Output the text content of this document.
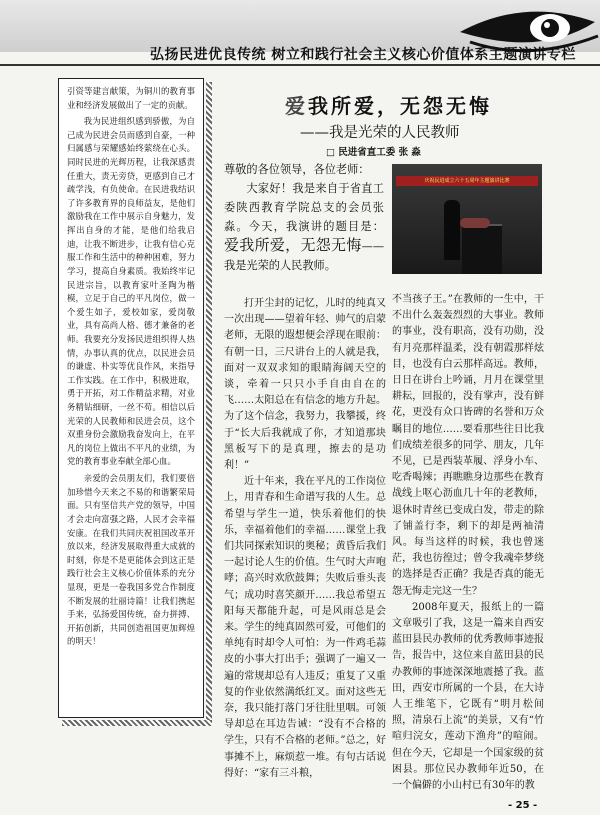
弘扬民进优良传统 树立和践行社会主义核心价值体系主题演讲专栏

引资等建言献策，为铜川的教育事业和经济发展做出了一定的贡献。

我为民进组织感到骄傲，为自己成为民进会员而感到自豪，一种归属感与荣耀感始终萦绕在心头。同时民进的光辉历程，让我深感责任重大，责无旁贷，更感到自己才疏学浅，有负使命。在民进我结识了许多教育界的良师益友，是他们激励我在工作中展示自身魅力，发挥出自身的才能，是他们给我启迪，让我不断进步，让我有信心克服工作和生活中的种种困难，努力学习，提高自身素质。我始终牢记民进宗旨，以教育家叶圣陶为楷模，立足于自己的平凡岗位，做一个爱生如子，爱校如家，爱岗敬业，具有高尚人格、德才兼备的老师。我要充分发扬民进组织得人热情，办事认真的优点，以民进会员的谦虚、朴实等优良作风，来指导工作实践。在工作中，积极进取，勇于开拓，对工作精益求精，对业务精钻细研，一丝不苟。相信以后光荣的人民教师和民进会员，这个双重身份会激励我奋发向上，在平凡的岗位上做出不平凡的业绩，为党的教育事业奉献全部心血。

亲爱的会员朋友们，我们要倍加珍惜今天来之不易的和谐繁荣局面。只有坚信共产党的领导，中国才会走向富强之路，人民才会幸福安康。在我们共同庆祝祖国改革开放以来，经济发展取得重大成就的时刻，你是不是更能体会到这正是践行社会主义核心价值体系的充分显现，更是一卷我国多党合作制度不断发展的壮丽诗篇！让我们携起手来，弘扬爱国传统，奋力拼搏、开拓创新，共同创造祖国更加辉煌的明天！

爱我所爱，无怨无悔
——我是光荣的人民教师
□ 民进省直工委 张 淼
庆祝民进成立六十五周年主题演讲比赛

尊敬的各位领导，各位老师：

大家好！我是来自于省直工委陕西教育学院总支的会员张淼。今天，我演讲的题目是：爱我所爱，无怨无悔——我是光荣的人民教师。

打开尘封的记忆，儿时的纯真又一次出现——望着年轻、帅气的启蒙老师，无限的遐想便会浮现在眼前：有朝一日，三尺讲台上的人就是我，面对一双双求知的眼睛海阔天空的谈，牵着一只只小手自由自在的飞……太阳总在有信念的地方升起。为了这个信念，我努力，我攀援，终于“长大后我就成了你，才知道那块黑板写下的是真理，擦去的是功利！”

近十年来，我在平凡的工作岗位上，用青春和生命谱写我的人生。总希望与学生一道，快乐着他们的快乐，幸福着他们的幸福……课堂上我们共同探索知识的奥秘；黄昏后我们一起讨论人生的价值。生气时大声咆哮；高兴时欢欣鼓舞；失败后垂头丧气；成功时喜笑颜开……我总希望五阳每天都能升起，可是风雨总是会来。学生的纯真固然可爱，可他们的单纯有时却令人可怕：为一件鸡毛蒜皮的小事大打出手；强调了一遍又一遍的常规却总有人违反；重复了又重复的作业依然满纸红叉。面对这些无奈，我只能打落门牙往肚里咽。可领导却总在耳边告诫：“没有不合格的学生，只有不合格的老师。”总之，好事摊不上，麻烦惹一堆。有句古话说得好：“家有三斗粮，

不当孩子王。”在教师的一生中，干不出什么轰轰烈烈的大事业。教师的事业，没有职高，没有功勋，没有月亮那样温柔，没有朝霞那样炫目，也没有白云那样高远。教师，日日在讲台上吟诵，月月在课堂里耕耘，回报的，没有掌声，没有鲜花，更没有众口皆碑的名誉和万众瞩目的地位……要看那些往日比我们成绩差很多的同学、朋友，几年不见，已是西装革履、浮身小车、吃香喝辣；再瞧瞧身边那些在教育战线上呕心沥血几十年的老教师，退休时青丝已变成白发，带走的除了铺盖行李，剩下的却是两袖清风。每当这样的时候，我也曾迷茫，我也彷徨过；曾令我魂牵梦绕的选择是否正确？我是否真的能无怨无悔走完这一生？

2008年夏天，报纸上的一篇文章吸引了我，这是一篇来自西安蓝田县民办教师的优秀教师事迹报告，报告中，这位来自蓝田县的民办教师的事迹深深地震撼了我。蓝田，西安市所属的一个县，在大诗人王维笔下，它既有“明月松间照，清泉石上流”的美景，又有“竹喧归浣女，莲动下渔舟”的喧闹。但在今天，它却是一个国家级的贫困县。那位民办教师年近50，在一个偏僻的小山村已有30年的教

- 25 -
